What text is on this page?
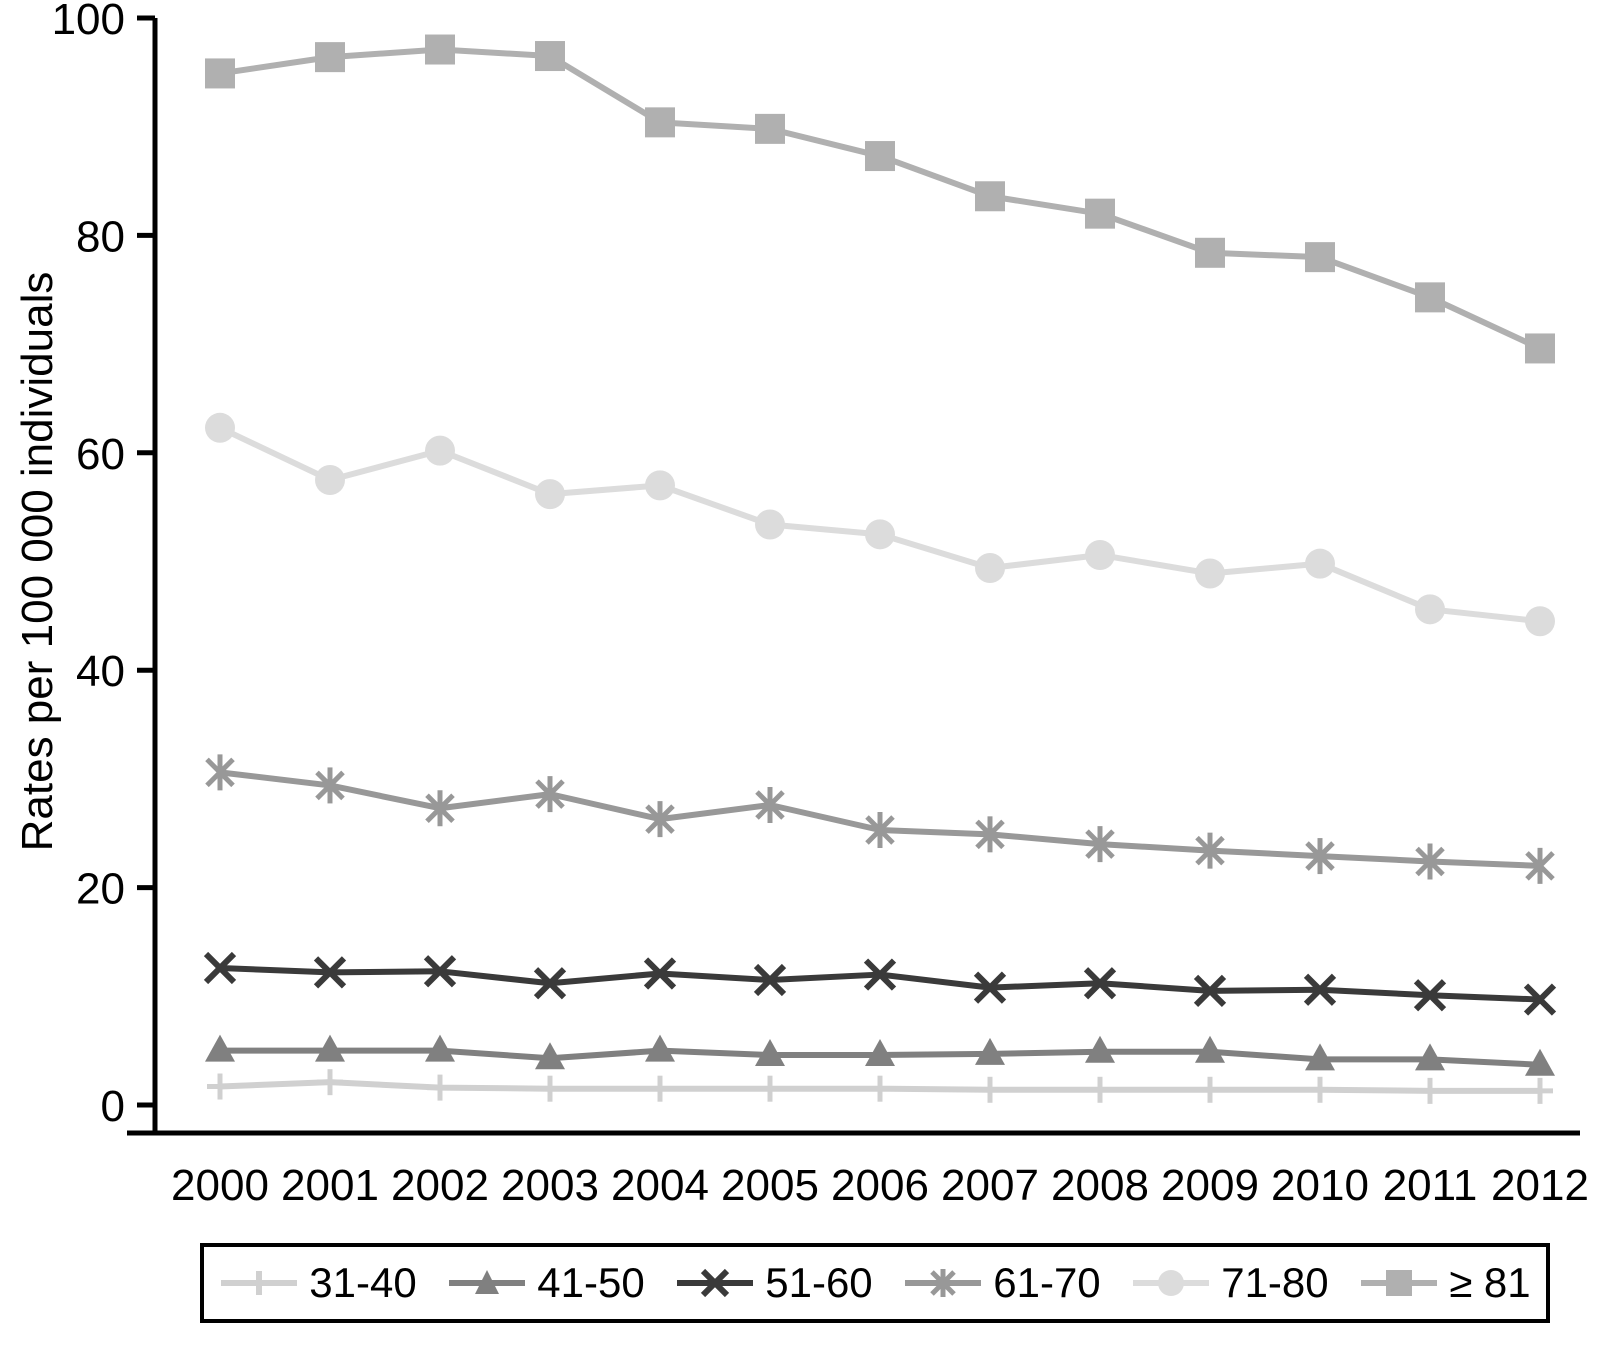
0
20
40
60
80
100
2000 2001 2002 2003 2004 2005 2006 2007 2008 2009 2010 2011 2012
Rates per 100 000 individuals
31-40	41-50	51-60	61-70	71-80	≥ 81
